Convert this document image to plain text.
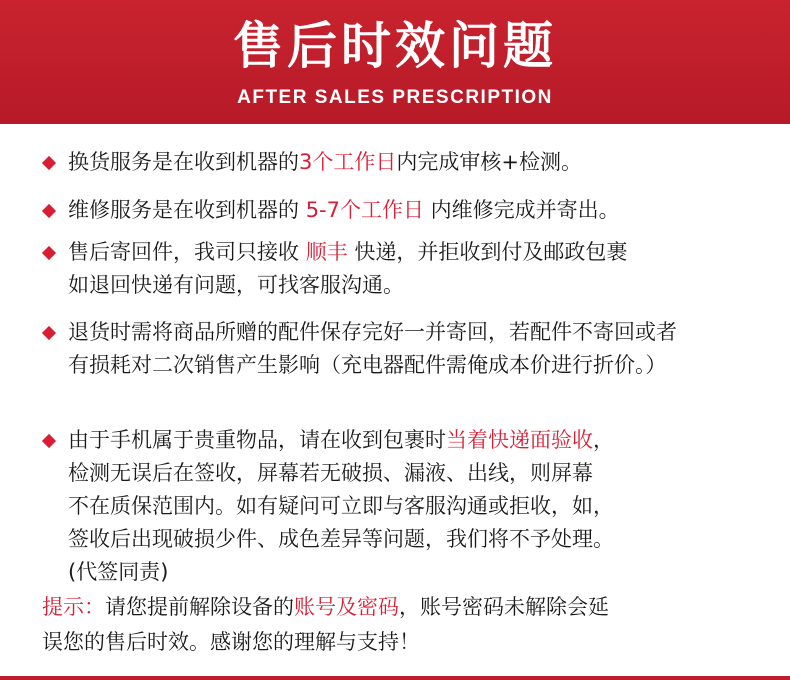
售后时效问题
AFTER SALES PRESCRIPTION
换货服务是在收到机器的3个工作日内完成审核+检测。
维修服务是在收到机器的 5-7个工作日 内维修完成并寄出。
售后寄回件，我司只接收 顺丰 快递，并拒收到付及邮政包裹
如退回快递有问题，可找客服沟通。
退货时需将商品所赠的配件保存完好一并寄回，若配件不寄回或者
有损耗对二次销售产生影响（充电器配件需俺成本价进行折价。）
由于手机属于贵重物品，请在收到包裹时当着快递面验收，
检测无误后在签收，屏幕若无破损、漏液、出线，则屏幕
不在质保范围内。如有疑问可立即与客服沟通或拒收，如，
签收后出现破损少件、成色差异等问题，我们将不予处理。
(代签同责)
提示：请您提前解除设备的账号及密码，账号密码未解除会延
误您的售后时效。感谢您的理解与支持！
